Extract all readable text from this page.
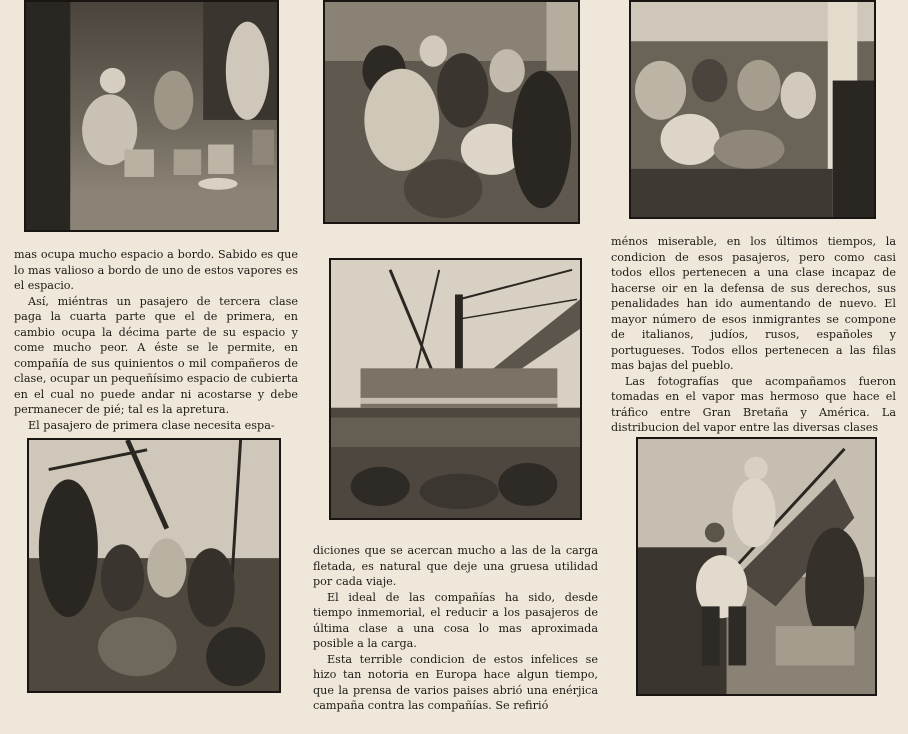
mas ocupa mucho espacio a bordo. Sabido es que lo mas valioso a bordo de uno de estos vapores es el espacio.

Así, miéntras un pasajero de tercera clase paga la cuarta parte que el de primera, en cambio ocupa la décima parte de su espacio y come mucho peor. A éste se le permite, en compañía de sus quinientos o mil compañeros de clase, ocupar un pequeñísimo espacio de cubierta en el cual no puede andar ni acostarse y debe permanecer de pié; tal es la apretura.

El pasajero de primera clase necesita espa-

ménos miserable, en los últimos tiempos, la condicion de esos pasajeros, pero como casi todos ellos pertenecen a una clase incapaz de hacerse oir en la defensa de sus derechos, sus penalidades han ido aumentando de nuevo. El mayor número de esos inmigrantes se compone de italianos, judíos, rusos, españoles y portugueses. Todos ellos pertenecen a las filas mas bajas del pueblo.

Las fotografías que acompañamos fueron tomadas en el vapor mas hermoso que hace el tráfico entre Gran Bretaña y América. La distribucion del vapor entre las diversas clases

diciones que se acercan mucho a las de la carga fletada, es natural que deje una gruesa utilidad por cada viaje.

El ideal de las compañías ha sido, desde tiempo inmemorial, el reducir a los pasajeros de última clase a una cosa lo mas aproximada posible a la carga.

Esta terrible condicion de estos infelices se hizo tan notoria en Europa hace algun tiempo, que la prensa de varios paises abrió una enérjica campaña contra las compañías. Se refirió
